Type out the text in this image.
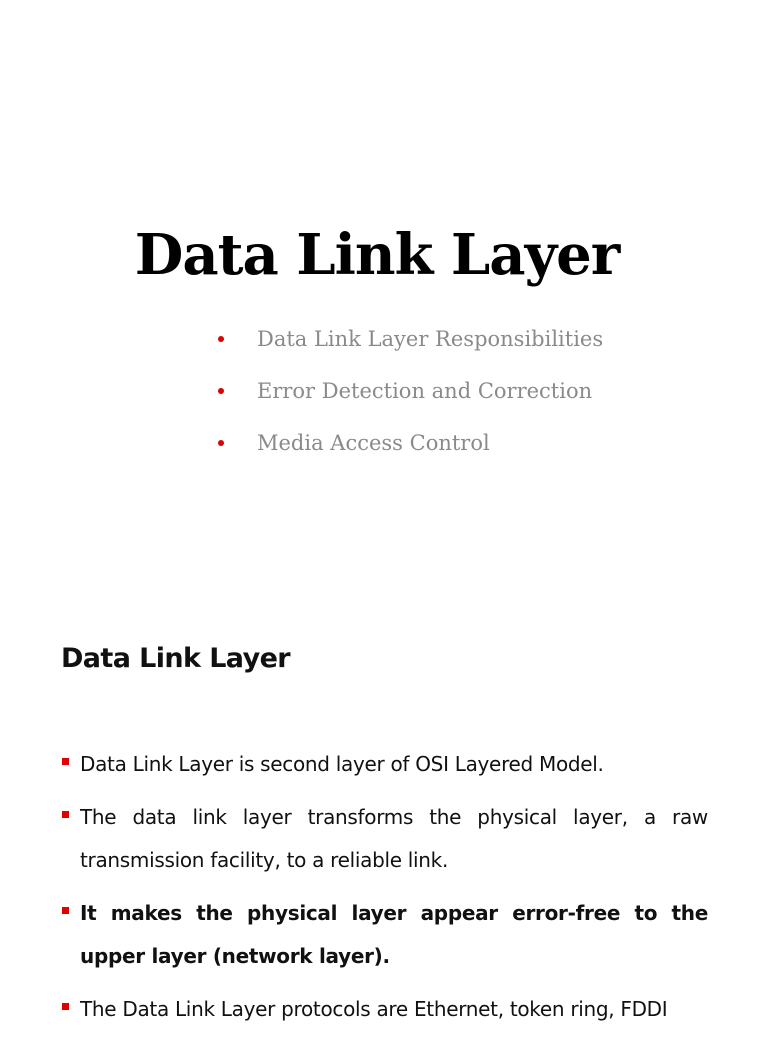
Data Link Layer
Data Link Layer Responsibilities
Error Detection and Correction
Media Access Control
Data Link Layer
Data Link Layer is second layer of OSI Layered Model.
The data link layer transforms the physical layer, a raw transmission facility, to a reliable link.
It makes the physical layer appear error-free to the upper layer (network layer).
The Data Link Layer protocols are Ethernet, token ring, FDDI
